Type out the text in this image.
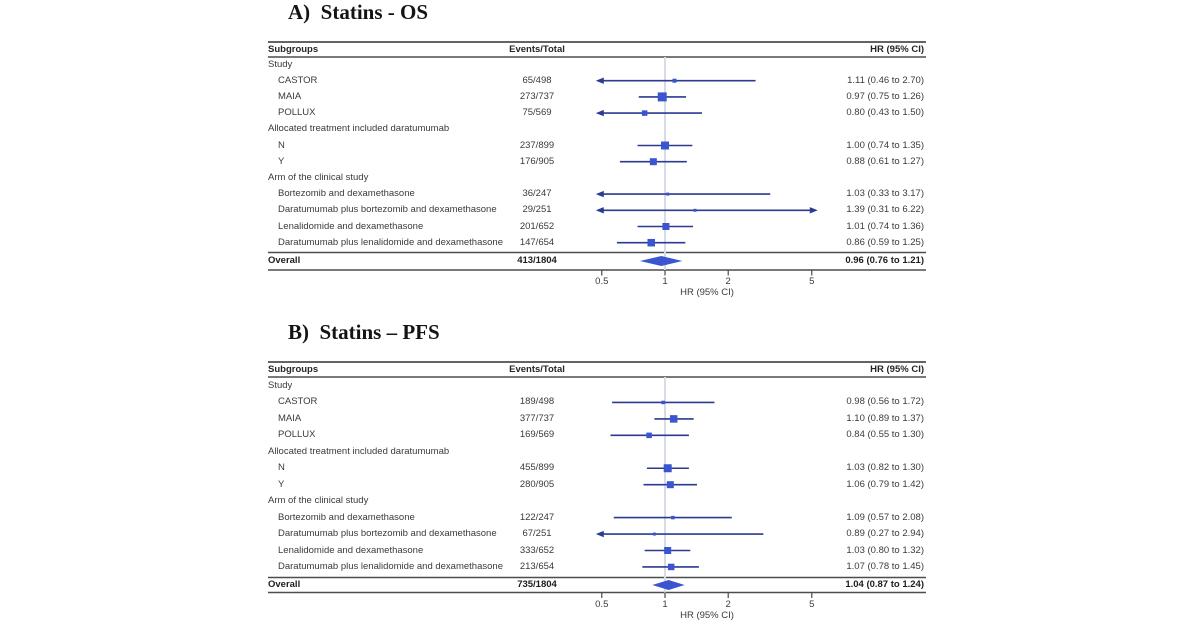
A)  Statins - OS
B)  Statins – PFS
Subgroups	Events/Total	HR (95% CI)
Subgroups	Events/Total	HR (95% CI)
Study
CASTOR	65/498	1.11 (0.46 to 2.70)
MAIA	273/737	0.97 (0.75 to 1.26)
POLLUX	75/569	0.80 (0.43 to 1.50)
Allocated treatment included daratumumab
N	237/899	1.00 (0.74 to 1.35)
Y	176/905	0.88 (0.61 to 1.27)
Arm of the clinical study
Bortezomib and dexamethasone	36/247	1.03 (0.33 to 3.17)
Daratumumab plus bortezomib and dexamethasone	29/251	1.39 (0.31 to 6.22)
Lenalidomide and dexamethasone	201/652	1.01 (0.74 to 1.36)
Daratumumab plus lenalidomide and dexamethasone	147/654	0.86 (0.59 to 1.25)
Overall	413/1804	0.96 (0.76 to 1.21)
0.5	1	2	5
HR (95% CI)
Study
CASTOR	189/498	0.98 (0.56 to 1.72)
MAIA	377/737	1.10 (0.89 to 1.37)
POLLUX	169/569	0.84 (0.55 to 1.30)
Allocated treatment included daratumumab
N	455/899	1.03 (0.82 to 1.30)
Y	280/905	1.06 (0.79 to 1.42)
Arm of the clinical study
Bortezomib and dexamethasone	122/247	1.09 (0.57 to 2.08)
Daratumumab plus bortezomib and dexamethasone	67/251	0.89 (0.27 to 2.94)
Lenalidomide and dexamethasone	333/652	1.03 (0.80 to 1.32)
Daratumumab plus lenalidomide and dexamethasone	213/654	1.07 (0.78 to 1.45)
Overall	735/1804	1.04 (0.87 to 1.24)
0.5	1	2	5
HR (95% CI)
